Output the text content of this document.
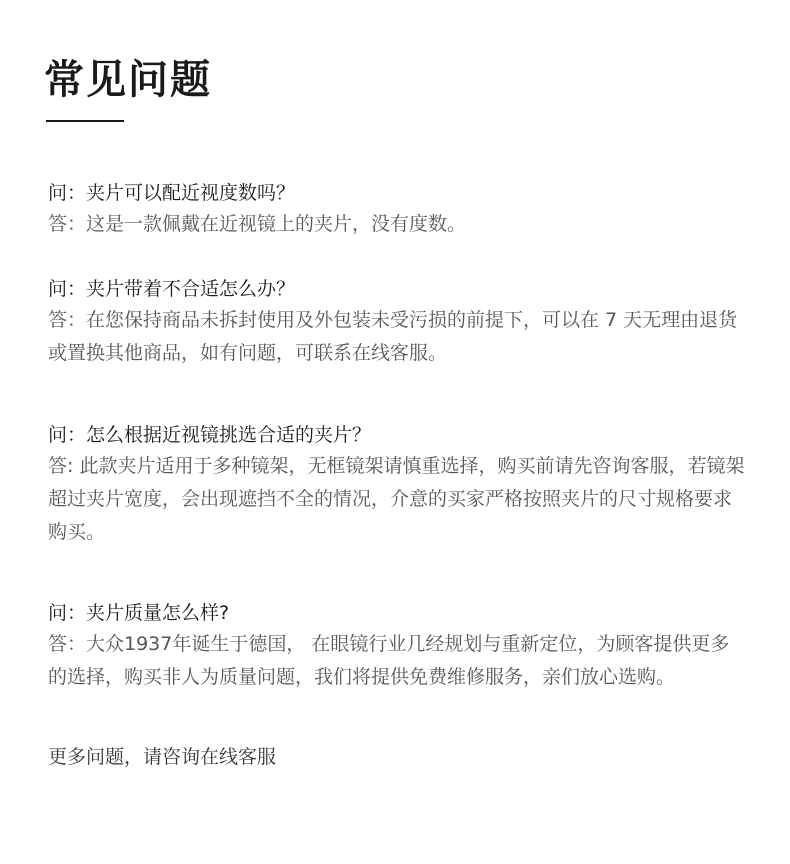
常见问题
问：夹片可以配近视度数吗？
答：这是一款佩戴在近视镜上的夹片，没有度数。
问：夹片带着不合适怎么办？
答：在您保持商品未拆封使用及外包装未受污损的前提下，可以在 7 天无理由退货或置换其他商品，如有问题，可联系在线客服。
问：怎么根据近视镜挑选合适的夹片？
答: 此款夹片适用于多种镜架，无框镜架请慎重选择，购买前请先咨询客服，若镜架超过夹片宽度，会出现遮挡不全的情况，介意的买家严格按照夹片的尺寸规格要求购买。
问：夹片质量怎么样?
答：大众1937年诞生于德国， 在眼镜行业几经规划与重新定位，为顾客提供更多的选择，购买非人为质量问题，我们将提供免费维修服务，亲们放心选购。
更多问题，请咨询在线客服
